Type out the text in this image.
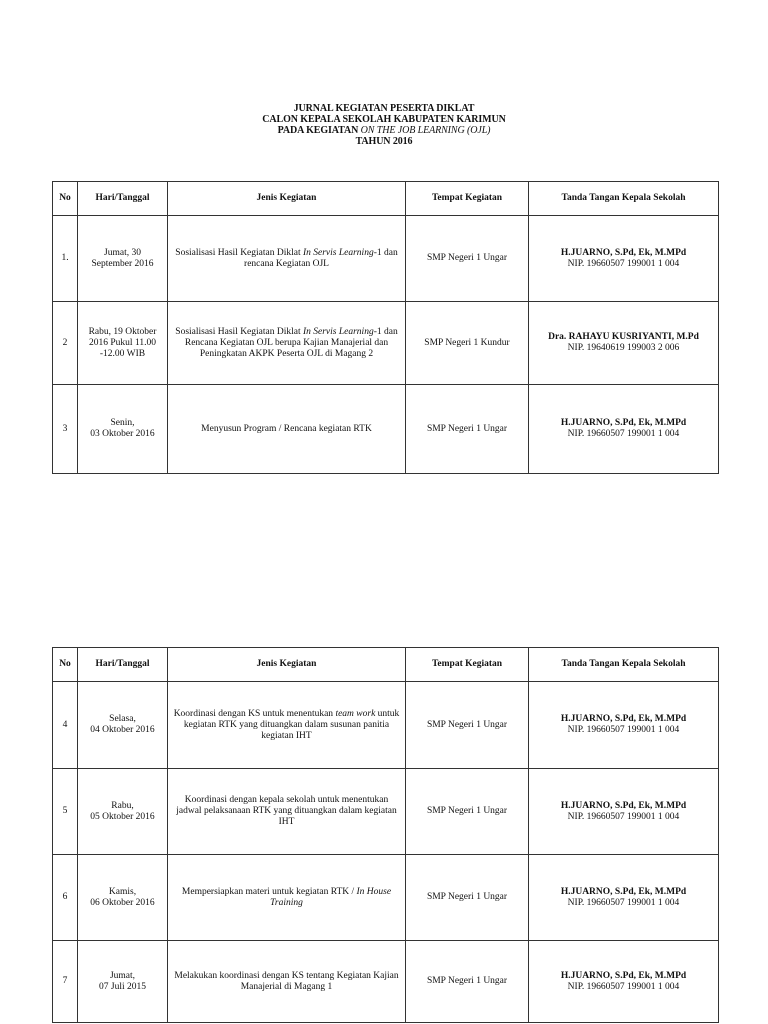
JURNAL KEGIATAN PESERTA DIKLAT
CALON KEPALA SEKOLAH KABUPATEN KARIMUN
PADA KEGIATAN ON THE JOB LEARNING (OJL)
TAHUN 2016
No	Hari/Tanggal	Jenis Kegiatan	Tempat Kegiatan	Tanda Tangan Kepala Sekolah
1.	Jumat, 30
September 2016	Sosialisasi Hasil Kegiatan Diklat In Servis Learning-1 dan rencana Kegiatan OJL	SMP Negeri 1 Ungar	H.JUARNO, S.Pd, Ek, M.MPd
NIP. 19660507 199001 1 004

2	Rabu, 19 Oktober
2016 Pukul 11.00
-12.00 WIB	Sosialisasi Hasil Kegiatan Diklat In Servis Learning-1 dan Rencana Kegiatan OJL berupa Kajian Manajerial dan Peningkatan AKPK Peserta OJL di Magang 2	SMP Negeri 1 Kundur	Dra. RAHAYU KUSRIYANTI, M.Pd
NIP. 19640619 199003 2 006

3	Senin,
03 Oktober 2016	Menyusun Program / Rencana kegiatan RTK	SMP Negeri 1 Ungar	H.JUARNO, S.Pd, Ek, M.MPd
NIP. 19660507 199001 1 004
No	Hari/Tanggal	Jenis Kegiatan	Tempat Kegiatan	Tanda Tangan Kepala Sekolah
4	Selasa,
04 Oktober 2016	Koordinasi dengan KS untuk menentukan team work untuk kegiatan RTK yang dituangkan dalam susunan panitia kegiatan IHT	SMP Negeri 1 Ungar	H.JUARNO, S.Pd, Ek, M.MPd
NIP. 19660507 199001 1 004

5	Rabu,
05 Oktober 2016	Koordinasi dengan kepala sekolah untuk menentukan jadwal pelaksanaan RTK yang dituangkan dalam kegiatan IHT	SMP Negeri 1 Ungar	H.JUARNO, S.Pd, Ek, M.MPd
NIP. 19660507 199001 1 004

6	Kamis,
06 Oktober 2016	Mempersiapkan materi untuk kegiatan RTK / In House Training	SMP Negeri 1 Ungar	H.JUARNO, S.Pd, Ek, M.MPd
NIP. 19660507 199001 1 004

7	Jumat,
07 Juli 2015	Melakukan koordinasi dengan KS tentang Kegiatan Kajian Manajerial di Magang 1	SMP Negeri 1 Ungar	H.JUARNO, S.Pd, Ek, M.MPd
NIP. 19660507 199001 1 004
